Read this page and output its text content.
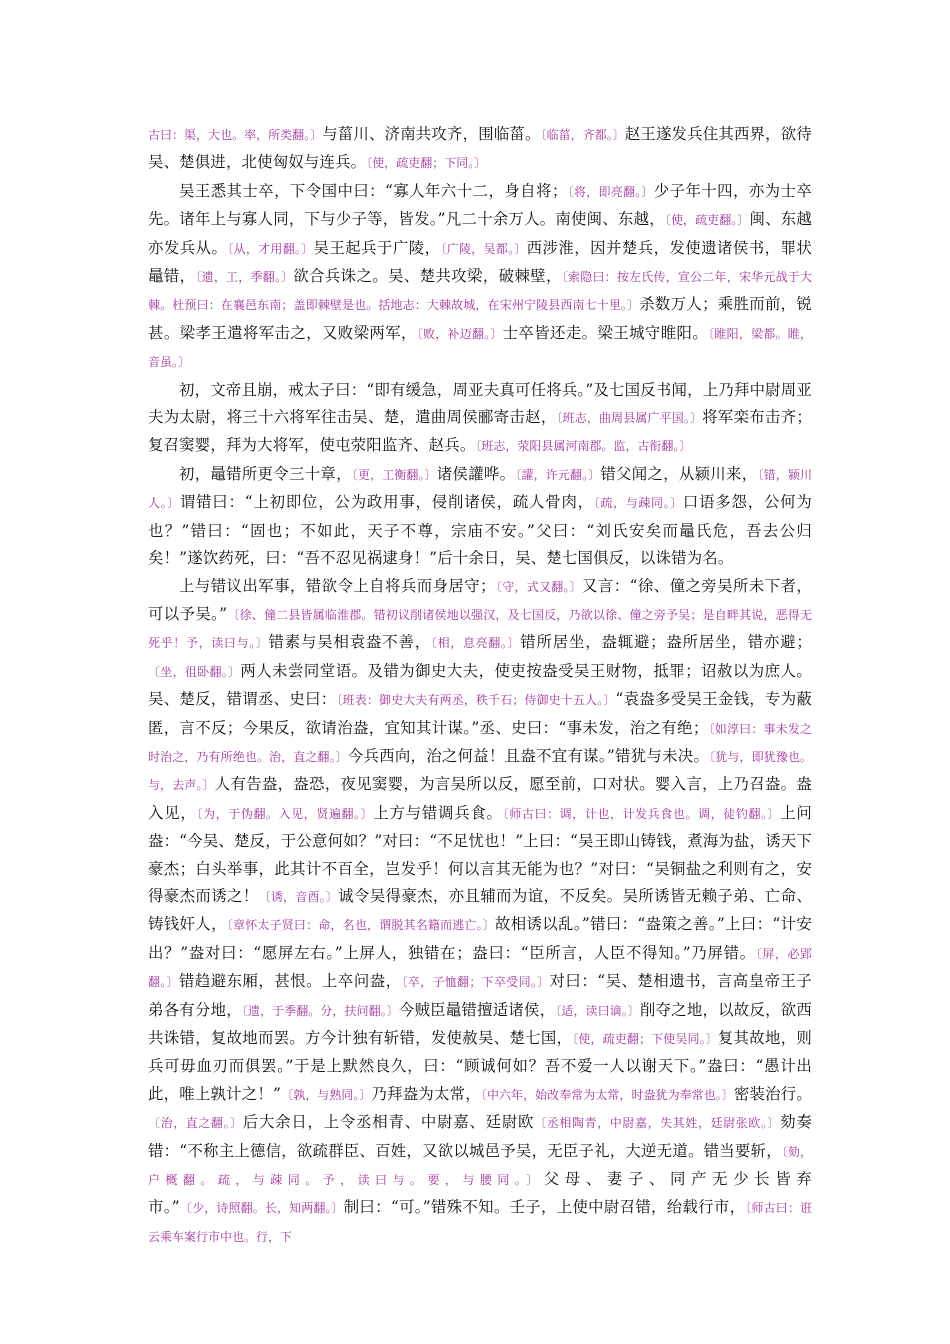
古曰：渠，大也。率，所类翻。〕与菑川、济南共攻齐，围临菑。〔临菑，齐都。〕赵王遂发兵住其西界，欲待吴、楚俱进，北使匈奴与连兵。〔使，疏吏翻；下同。〕

吴王悉其士卒，下令国中曰：“寡人年六十二，身自将；〔将，即亮翻。〕少子年十四，亦为士卒先。诸年上与寡人同，下与少子等，皆发。”凡二十余万人。南使闽、东越，〔使，疏吏翻。〕闽、东越亦发兵从。〔从，才用翻。〕吴王起兵于广陵，〔广陵，吴都。〕西涉淮，因并楚兵，发使遗诸侯书，罪状鼂错，〔遗，工，季翻。〕欲合兵诛之。吴、楚共攻梁，破棘壁，〔索隐曰：按左氏传，宣公二年，宋华元战于大棘。杜预曰：在襄邑东南；盖即棘壁是也。括地志：大棘故城，在宋州宁陵县西南七十里。〕杀数万人；乘胜而前，锐甚。梁孝王遣将军击之，又败梁两军，〔败，补迈翻。〕士卒皆还走。梁王城守睢阳。〔睢阳，梁都。睢，音虽。〕

初，文帝且崩，戒太子曰：“即有缓急，周亚夫真可任将兵。”及七国反书闻，上乃拜中尉周亚夫为太尉，将三十六将军往击吴、楚，遣曲周侯郦寄击赵，〔班志，曲周县属广平国。〕将军栾布击齐；复召窦婴，拜为大将军，使屯荥阳监齐、赵兵。〔班志，荥阳县属河南郡。监，古衔翻。〕

初，鼂错所更令三十章，〔更，工衡翻。〕诸侯讙哗。〔讙，许元翻。〕错父闻之，从颍川来，〔错，颍川人。〕谓错曰：“上初即位，公为政用事，侵削诸侯，疏人骨肉，〔疏，与疎同。〕口语多怨，公何为也？”错曰：“固也；不如此，天子不尊，宗庙不安。”父曰：“刘氏安矣而鼂氏危，吾去公归矣！”遂饮药死，曰：“吾不忍见祸逮身！”后十余日，吴、楚七国俱反，以诛错为名。

上与错议出军事，错欲令上自将兵而身居守；〔守，式又翻。〕又言：“徐、僮之旁吴所未下者，可以予吴。”〔徐、僮二县皆属临淮郡。错初议削诸侯地以强汉，及七国反，乃欲以徐、僮之旁予吴；是自畔其说，恶得无死乎！予，读曰与。〕错素与吴相袁盎不善，〔相，息亮翻。〕错所居坐，盎辄避；盎所居坐，错亦避；〔坐，徂卧翻。〕两人未尝同堂语。及错为御史大夫，使吏按盎受吴王财物，抵罪；诏赦以为庶人。吴、楚反，错谓丞、史曰：〔班表：御史大夫有两丞，秩千石；侍御史十五人。〕“袁盎多受吴王金钱，专为蔽匿，言不反；今果反，欲请治盎，宜知其计谋。”丞、史曰：“事未发，治之有绝；〔如淳曰：事未发之时治之，乃有所绝也。治，直之翻。〕今兵西向，治之何益！且盎不宜有谋。”错犹与未决。〔犹与，即犹豫也。与，去声。〕人有告盎，盎恐，夜见窦婴，为言吴所以反，愿至前，口对状。婴入言，上乃召盎。盎入见，〔为，于伪翻。入见，贤遍翻。〕上方与错调兵食。〔师古曰：调，计也，计发兵食也。调，徒钓翻。〕上问盎：“今吴、楚反，于公意何如？”对曰：“不足忧也！”上曰：“吴王即山铸钱，煮海为盐，诱天下豪杰；白头举事，此其计不百全，岂发乎！何以言其无能为也？”对曰：“吴铜盐之利则有之，安得豪杰而诱之！〔诱，音酉。〕诚令吴得豪杰，亦且辅而为谊，不反矣。吴所诱皆无赖子弟、亡命、铸钱奸人，〔章怀太子贤曰：命，名也，谓脱其名籍而逃亡。〕故相诱以乱。”错曰：“盎策之善。”上曰：“计安出？”盎对曰：“愿屏左右。”上屏人，独错在；盎曰：“臣所言，人臣不得知。”乃屏错。〔屏，必郢翻。〕错趋避东厢，甚恨。上卒问盎，〔卒，子恤翻；下卒受同。〕对曰：“吴、楚相遗书，言高皇帝王子弟各有分地，〔遗，于季翻。分，扶问翻。〕今贼臣鼂错擅适诸侯，〔适，读曰谪。〕削夺之地，以故反，欲西共诛错，复故地而罢。方今计独有斩错，发使赦吴、楚七国，〔使，疏吏翻；下使吴同。〕复其故地，则兵可毋血刃而俱罢。”于是上默然良久，曰：“顾诚何如？吾不爱一人以谢天下。”盎曰：“愚计出此，唯上孰计之！”〔孰，与熟同。〕乃拜盎为太常，〔中六年，始改奉常为太常，时盎犹为奉常也。〕密装治行。〔治，直之翻。〕后大余日，上令丞相青、中尉嘉、廷尉欧〔丞相陶青，中尉嘉，失其姓，廷尉张欧。〕劾奏错：“不称主上德信，欲疏群臣、百姓，又欲以城邑予吴，无臣子礼，大逆无道。错当要斩，〔劾，户概翻。疏，与疎同。予，读曰与。要，与腰同。〕父母、妻子、同产无少长皆弃市。”〔少，诗照翻。长，知两翻。〕制曰：“可。”错殊不知。壬子，上使中尉召错，绐载行市，〔师古曰：诳云乘车案行市中也。行，下
